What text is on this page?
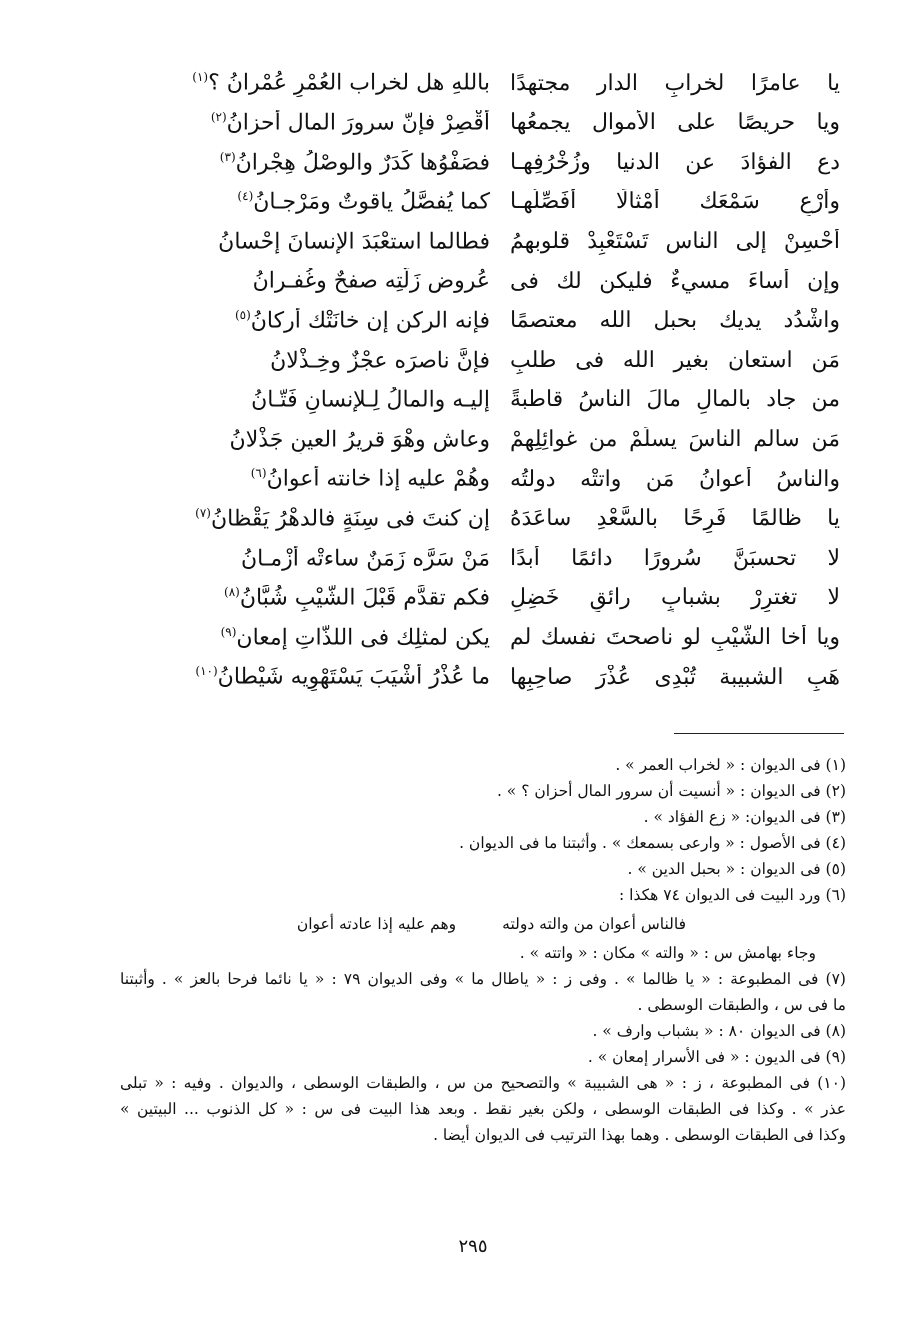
يا عامرًا لخرابِ الدار مجتهدًا
باللهِ هل لخراب العُمْرِ عُمْرانُ ؟$^{(١)}$
ويا حريصًا على الأموال يجمعُها
أقْصِرْ فإنّ سرورَ المال أحزانُ$^{(٢)}$
دعِ الفؤادَ عن الدنيا وزُخْرُفِهـا
فصَفْوُها كَدَرٌ والوصْلُ هِجْرانُ$^{(٣)}$
وأَرْعِ سَمْعَك أمْثالًا أُفَصِّلُهـا
كما يُفصَّلُ ياقوتٌ ومَرْجـانُ$^{(٤)}$
أحْسِنْ إلى الناس تَسْتَعْبِدْ قلوبهمُ
فطالما استعْبَدَ الإنسانَ إحْسانُ
وإن أساءَ مسيءٌ فليكن لك فى
عُروضِ زَلَّتِه صفحٌ وغُفـرانُ
واشْدُد يديك بحبل الله معتصمًا
فإنه الركن إن خانَتْك أركانُ$^{(٥)}$
مَن استعان بغير الله فى طلبٍ
فإنَّ ناصرَه عجْزٌ وخِـذْلانُ
من جاد بالمالِ مالَ الناسُ قاطبةً
إليـه والمالُ لِـلإنسانِ فَتّـانُ
مَن سالم الناسَ يسلَمْ من غوائِلِهِمْ
وعاش وهْوَ قريرُ العينِ جَذْلانُ
والناسُ أعوانُ مَن واتتْه دولتُه
وهُمْ عليه إذا خانته أعوانُ$^{(٦)}$
يا ظالمًا فَرِحًا بالسَّعْدِ ساعَدَهُ
إن كنتَ فى سِنَةٍ فالدهْرُ يَقْظانُ$^{(٧)}$
لا تحسبَنَّ سُرورًا دائمًا أبدًا
مَنْ سَرَّه زَمَنٌ ساءتْه أزْمـانُ
لا تغترِرْ بشبابٍ رائقٍ خَضِلٍ
فكم تقدَّم قَبْلَ الشَّيْبِ شُبَّانُ$^{(٨)}$
ويا أخا الشَّيْبِ لو ناصحتَ نفسك لم
يكن لمثلِك فى اللذّاتِ إمعان$^{(٩)}$
هَبِ الشبيبة تُبْدِى عُذْرَ صاحِبِها
ما عُذْرُ أَشْيَبَ يَسْتَهْوِيه شَيْطانُ$^{(١٠)}$
(١) فى الديوان : « لخراب العمر » .
(٢) فى الديوان : « أنسيت أن سرور المال أحزان ؟ » .
(٣) فى الديوان: « زع الفؤاد » .
(٤) فى الأصول : « وارعى بسمعك » . وأثبتنا ما فى الديوان .
(٥) فى الديوان : « بحبل الدين » .
(٦) ورد البيت فى الديوان ٧٤ هكذا :
فالناس أعوان من والته دولته
وهم عليه إذا عادته أعوان
وجاء بهامش س : « والته » مكان : « واتته » .
(٧) فى المطبوعة : « يا ظالما » . وفى ز : « ياطال ما » وفى الديوان ٧٩ : « يا نائما فرحا بالعز » . وأثبتنا
ما فى س ، والطبقات الوسطى .
(٨) فى الديوان ٨٠ : « بشباب وارف » .
(٩) فى الديون : « فى الأسرار إمعان » .
(١٠) فى المطبوعة ، ز : « هى الشبيبة » والتصحيح من س ، والطبقات الوسطى ، والديوان . وفيه : « تبلى
عذر » . وكذا فى الطبقات الوسطى ، ولكن بغير نقط . وبعد هذا البيت فى س : « كل الذنوب ... البيتين »
وكذا فى الطبقات الوسطى . وهما بهذا الترتيب فى الديوان أيضا .
٢٩٥
